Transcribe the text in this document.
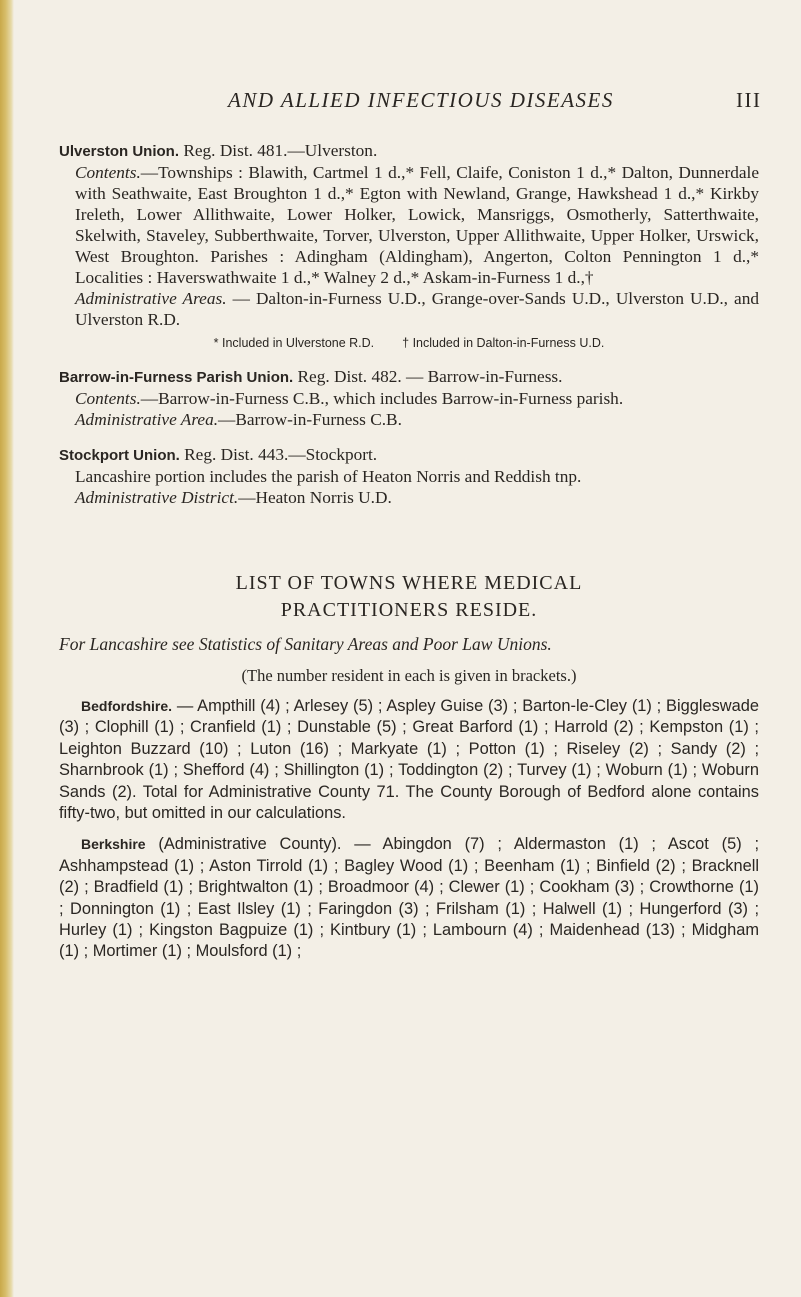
AND ALLIED INFECTIOUS DISEASES	III

Ulverston Union. Reg. Dist. 481.—Ulverston.

Contents.—Townships : Blawith, Cartmel 1 d.,* Fell, Claife, Coniston 1 d.,* Dalton, Dunnerdale with Seathwaite, East Broughton 1 d.,* Egton with Newland, Grange, Hawkshead 1 d.,* Kirkby Ireleth, Lower Allithwaite, Lower Holker, Lowick, Mansriggs, Osmotherly, Satterthwaite, Skelwith, Staveley, Subberthwaite, Torver, Ulverston, Upper Allithwaite, Upper Holker, Urswick, West Broughton. Parishes : Adingham (Aldingham), Angerton, Colton Pennington 1 d.,* Localities : Haverswathwaite 1 d.,* Walney 2 d.,* Askam-in-Furness 1 d.,†

Administrative Areas. — Dalton-in-Furness U.D., Grange-over-Sands U.D., Ulverston U.D., and Ulverston R.D.

* Included in Ulverstone R.D. † Included in Dalton-in-Furness U.D.

Barrow-in-Furness Parish Union. Reg. Dist. 482. — Barrow-in-Furness.

Contents.—Barrow-in-Furness C.B., which includes Barrow-in-Furness parish.

Administrative Area.—Barrow-in-Furness C.B.

Stockport Union. Reg. Dist. 443.—Stockport.

Lancashire portion includes the parish of Heaton Norris and Reddish tnp.

Administrative District.—Heaton Norris U.D.

LIST OF TOWNS WHERE MEDICAL
PRACTITIONERS RESIDE.

For Lancashire see Statistics of Sanitary Areas and Poor Law Unions.

(The number resident in each is given in brackets.)

Bedfordshire. — Ampthill (4) ; Arlesey (5) ; Aspley Guise (3) ; Barton-le-Cley (1) ; Biggleswade (3) ; Clophill (1) ; Cranfield (1) ; Dunstable (5) ; Great Barford (1) ; Harrold (2) ; Kempston (1) ; Leighton Buzzard (10) ; Luton (16) ; Markyate (1) ; Potton (1) ; Riseley (2) ; Sandy (2) ; Sharnbrook (1) ; Shefford (4) ; Shillington (1) ; Toddington (2) ; Turvey (1) ; Woburn (1) ; Woburn Sands (2). Total for Administrative County 71. The County Borough of Bedford alone contains fifty-two, but omitted in our calculations.

Berkshire (Administrative County). — Abingdon (7) ; Aldermaston (1) ; Ascot (5) ; Ashhampstead (1) ; Aston Tirrold (1) ; Bagley Wood (1) ; Beenham (1) ; Binfield (2) ; Bracknell (2) ; Bradfield (1) ; Brightwalton (1) ; Broadmoor (4) ; Clewer (1) ; Cookham (3) ; Crowthorne (1) ; Donnington (1) ; East Ilsley (1) ; Faringdon (3) ; Frilsham (1) ; Halwell (1) ; Hungerford (3) ; Hurley (1) ; Kingston Bagpuize (1) ; Kintbury (1) ; Lambourn (4) ; Maidenhead (13) ; Midgham (1) ; Mortimer (1) ; Moulsford (1) ;
